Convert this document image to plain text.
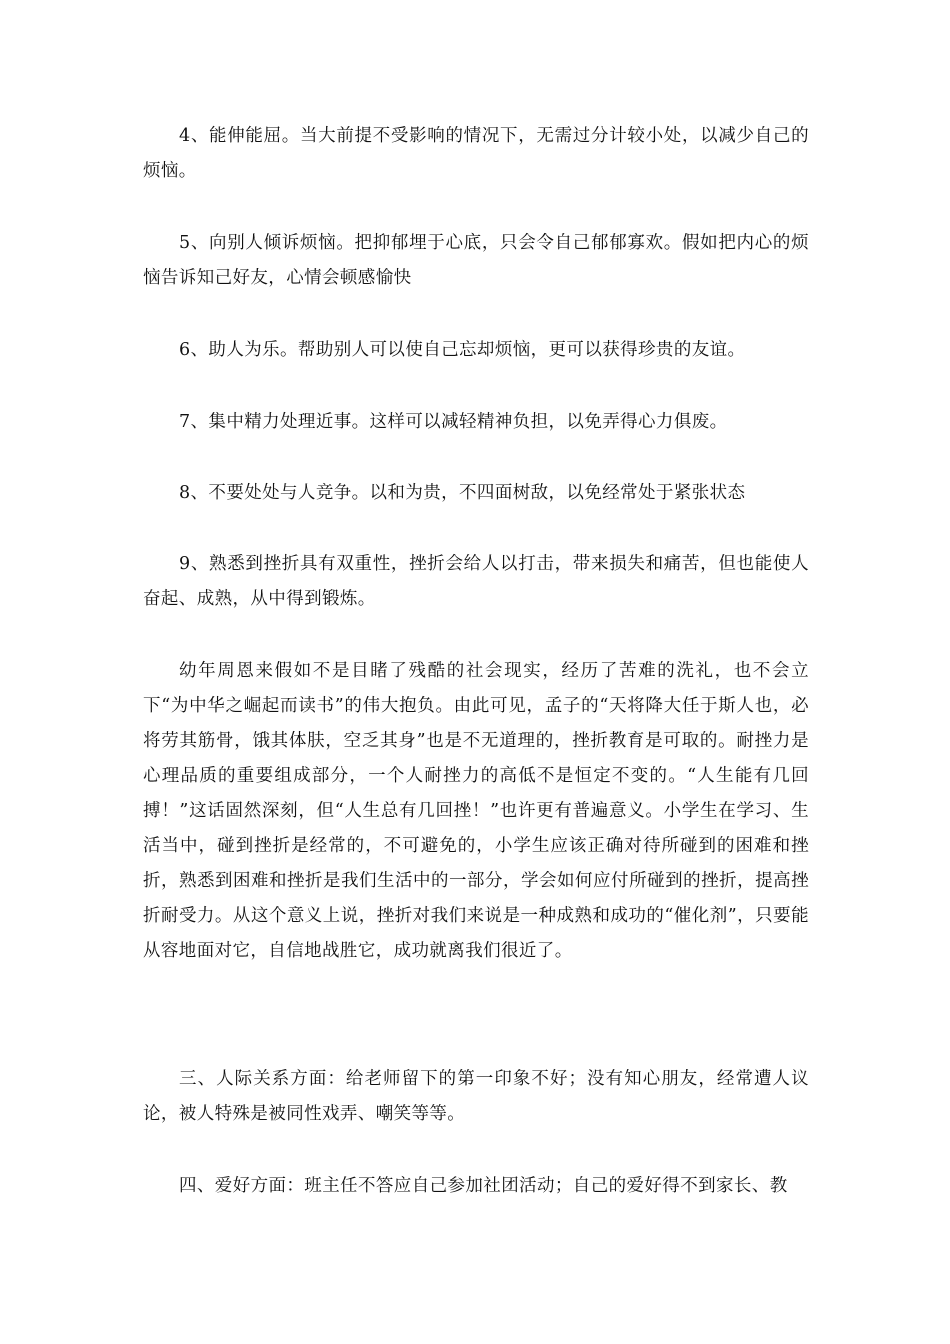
4、能伸能屈。当大前提不受影响的情况下，无需过分计较小处，以减少自己的烦恼。

5、向别人倾诉烦恼。把抑郁埋于心底，只会令自己郁郁寡欢。假如把内心的烦恼告诉知己好友，心情会顿感愉快

6、助人为乐。帮助别人可以使自己忘却烦恼，更可以获得珍贵的友谊。

7、集中精力处理近事。这样可以减轻精神负担，以免弄得心力俱废。

8、不要处处与人竞争。以和为贵，不四面树敌，以免经常处于紧张状态

9、熟悉到挫折具有双重性，挫折会给人以打击，带来损失和痛苦，但也能使人奋起、成熟，从中得到锻炼。

幼年周恩来假如不是目睹了残酷的社会现实，经历了苦难的洗礼，也不会立下“为中华之崛起而读书”的伟大抱负。由此可见，孟子的“天将降大任于斯人也，必将劳其筋骨，饿其体肤，空乏其身”也是不无道理的，挫折教育是可取的。耐挫力是心理品质的重要组成部分，一个人耐挫力的高低不是恒定不变的。“人生能有几回搏！”这话固然深刻，但“人生总有几回挫！”也许更有普遍意义。小学生在学习、生活当中，碰到挫折是经常的，不可避免的，小学生应该正确对待所碰到的困难和挫折，熟悉到困难和挫折是我们生活中的一部分，学会如何应付所碰到的挫折，提高挫折耐受力。从这个意义上说，挫折对我们来说是一种成熟和成功的“催化剂”，只要能从容地面对它，自信地战胜它，成功就离我们很近了。

三、人际关系方面：给老师留下的第一印象不好；没有知心朋友，经常遭人议论，被人特殊是被同性戏弄、嘲笑等等。

四、爱好方面：班主任不答应自己参加社团活动；自己的爱好得不到家长、教
